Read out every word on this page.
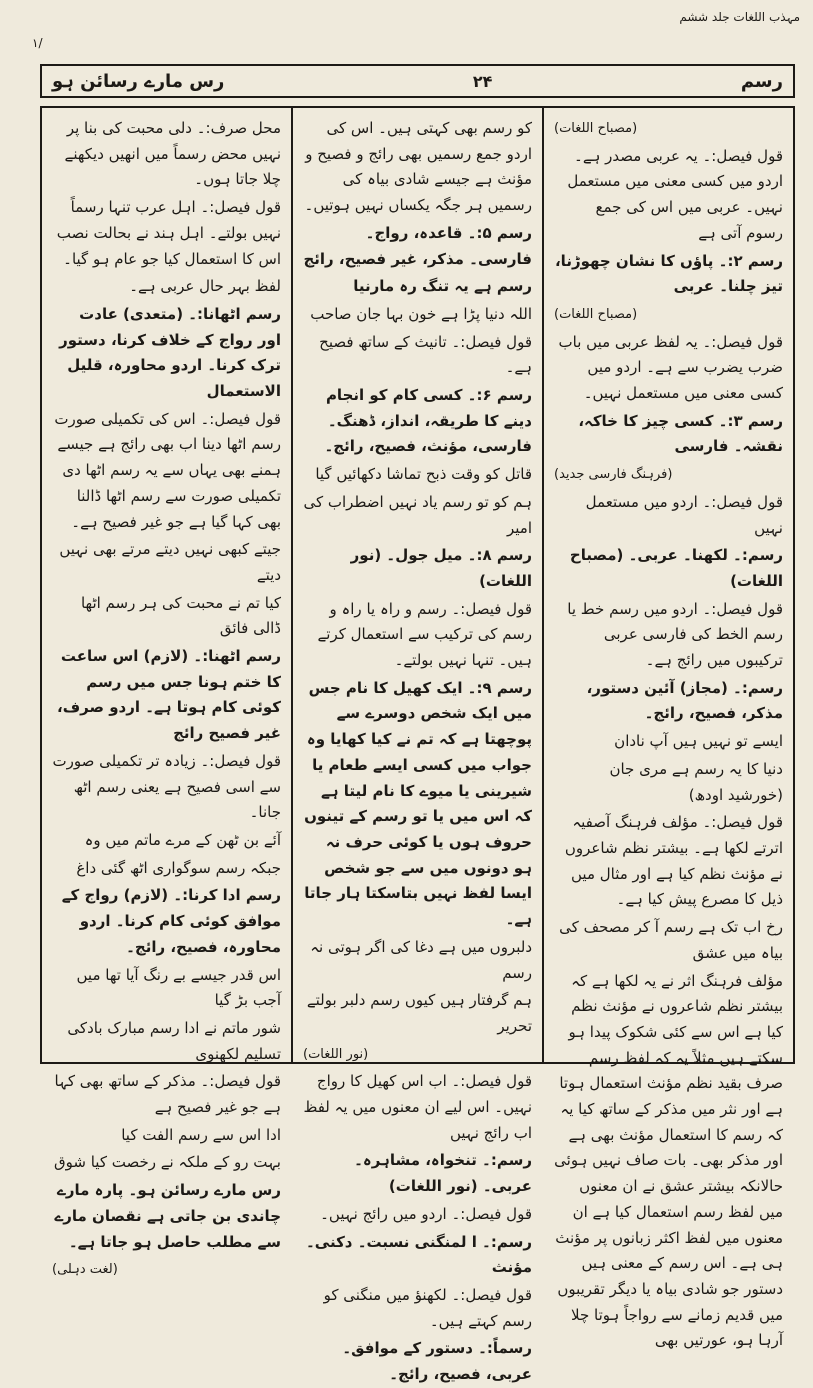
مہذب اللغات جلد ششم
۱/
رسم
۲۴
رس مارے رسائن ہو

(مصباح اللغات)

قول فیصل:۔ یہ عربی مصدر ہے۔ اردو میں کسی معنی میں مستعمل نہیں۔ عربی میں اس کی جمع رسوم آتی ہے

رسم ۲:۔ پاؤں کا نشان چھوڑنا، تیز چلنا۔ عربی

(مصباح اللغات)

قول فیصل:۔ یہ لفظ عربی میں باب ضرب یضرب سے ہے۔ اردو میں کسی معنی میں مستعمل نہیں۔

رسم ۳:۔ کسی چیز کا خاکہ، نقشہ۔ فارسی

(فرہنگ فارسی جدید)

قول فیصل:۔ اردو میں مستعمل نہیں

رسم:۔ لکھنا۔ عربی۔ (مصباح اللغات)

قول فیصل:۔ اردو میں رسم خط یا رسم الخط کی فارسی عربی ترکیبوں میں رائج ہے۔

رسم:۔ (مجاز) آئین دستور، مذکر، فصیح، رائج۔

ایسے تو نہیں ہیں آپ نادان

دنیا کا یہ رسم ہے مری جان (خورشید اودھ)

قول فیصل:۔ مؤلف فرہنگ آصفیہ اترتے لکھا ہے۔ بیشتر نظم شاعروں نے مؤنث نظم کیا ہے اور مثال میں ذیل کا مصرع پیش کیا ہے۔

رخ اب تک ہے رسم آ کر مصحف کی بیاہ میں عشق

مؤلف فرہنگ اثر نے یہ لکھا ہے کہ بیشتر نظم شاعروں نے مؤنث نظم کیا ہے اس سے کئی شکوک پیدا ہو سکتے ہیں مثلاً یہ کہ لفظ رسم صرف بقید نظم مؤنث استعمال ہوتا ہے اور نثر میں مذکر کے ساتھ کیا یہ کہ رسم کا استعمال مؤنث بھی ہے اور مذکر بھی۔ بات صاف نہیں ہوئی حالانکہ بیشتر عشق نے ان معنوں میں لفظ رسم استعمال کیا ہے ان معنوں میں لفظ اکثر زبانوں پر مؤنث ہی ہے۔ اس رسم کے معنی ہیں دستور جو شادی بیاہ یا دیگر تقریبوں میں قدیم زمانے سے رواجاً ہوتا چلا آرہا ہو، عورتیں بھی

کو رسم بھی کہتی ہیں۔ اس کی اردو جمع رسمیں بھی رائج و فصیح و مؤنث ہے جیسے شادی بیاہ کی رسمیں ہر جگہ یکساں نہیں ہوتیں۔

رسم ۵:۔ قاعدہ، رواج۔ فارسی۔ مذکر، غیر فصیح، رائج

رسم ہے یہ تنگ رہ مارنیا

اللہ دنیا پڑا ہے خون بہا جان صاحب

قول فیصل:۔ تانیث کے ساتھ فصیح ہے۔

رسم ۶:۔ کسی کام کو انجام دینے کا طریقہ، انداز، ڈھنگ۔ فارسی، مؤنث، فصیح، رائج۔

قاتل کو وقت ذبح تماشا دکھائیں گیا

ہم کو تو رسم یاد نہیں اضطراب کی امیر

رسم ۸:۔ میل جول۔ (نور اللغات)

قول فیصل:۔ رسم و راہ یا راہ و رسم کی ترکیب سے استعمال کرتے ہیں۔ تنہا نہیں بولتے۔

رسم ۹:۔ ایک کھیل کا نام جس میں ایک شخص دوسرے سے پوچھتا ہے کہ تم نے کیا کھایا وہ جواب میں کسی ایسے طعام یا شیرینی یا میوے کا نام لیتا ہے کہ اس میں یا تو رسم کے تینوں حروف ہوں یا کوئی حرف نہ ہو دونوں میں سے جو شخص ایسا لفظ نہیں بتاسکتا ہار جاتا ہے۔

دلبروں میں ہے دغا کی اگر ہوتی نہ رسم

ہم گرفتار ہیں کیوں رسم دلبر بولتے تحریر

(نور اللغات)

قول فیصل:۔ اب اس کھیل کا رواج نہیں۔ اس لیے ان معنوں میں یہ لفظ اب رائج نہیں

رسم:۔ تنخواہ، مشاہرہ۔ عربی۔ (نور اللغات)

قول فیصل:۔ اردو میں رائج نہیں۔

رسم:۔ ا لمنگنی نسبت۔ دکنی۔ مؤنث

قول فیصل:۔ لکھنؤ میں منگنی کو رسم کہتے ہیں۔

رسماً:۔ دستور کے موافق۔ عربی، فصیح، رائج۔

محل صرف:۔ دلی محبت کی بنا پر نہیں محض رسماً میں انھیں دیکھنے چلا جاتا ہوں۔

قول فیصل:۔ اہل عرب تنہا رسماً نہیں بولتے۔ اہل ہند نے بحالت نصب اس کا استعمال کیا جو عام ہو گیا۔

لفظ بہر حال عربی ہے۔

رسم اٹھانا:۔ (متعدی) عادت اور رواج کے خلاف کرنا، دستور ترک کرنا۔ اردو محاورہ، قلیل الاستعمال

قول فیصل:۔ اس کی تکمیلی صورت رسم اٹھا دینا اب بھی رائج ہے جیسے ہمنے بھی یہاں سے یہ رسم اٹھا دی تکمیلی صورت سے رسم اٹھا ڈالنا بھی کہا گیا ہے جو غیر فصیح ہے۔

جیتے کبھی نہیں دیتے مرتے بھی نہیں دیتے

کیا تم نے محبت کی ہر رسم اٹھا ڈالی فائق

رسم اٹھنا:۔ (لازم) اس ساعت کا ختم ہونا جس میں رسم کوئی کام ہوتا ہے۔ اردو صرف، غیر فصیح رائج

قول فیصل:۔ زیادہ تر تکمیلی صورت سے اسی فصیح ہے یعنی رسم اٹھ جانا۔

آئے بن ٹھن کے مرے ماتم میں وہ

جبکہ رسم سوگواری اٹھ گئی داغ

رسم ادا کرنا:۔ (لازم) رواج کے موافق کوئی کام کرنا۔ اردو محاورہ، فصیح، رائج۔

اس قدر جیسے بے رنگ آیا تھا میں آجب بڑ گیا

شور ماتم نے ادا رسم مبارک بادکی تسلیم لکھنوی

قول فیصل:۔ مذکر کے ساتھ بھی کہا ہے جو غیر فصیح ہے

ادا اس سے رسم الفت کیا

بہت رو کے ملکہ نے رخصت کیا شوق

رس مارے رسائن ہو۔ پارہ مارے چاندی بن جاتی ہے نقصان مارے سے مطلب حاصل ہو جاتا ہے۔

(لغت دہلی)
